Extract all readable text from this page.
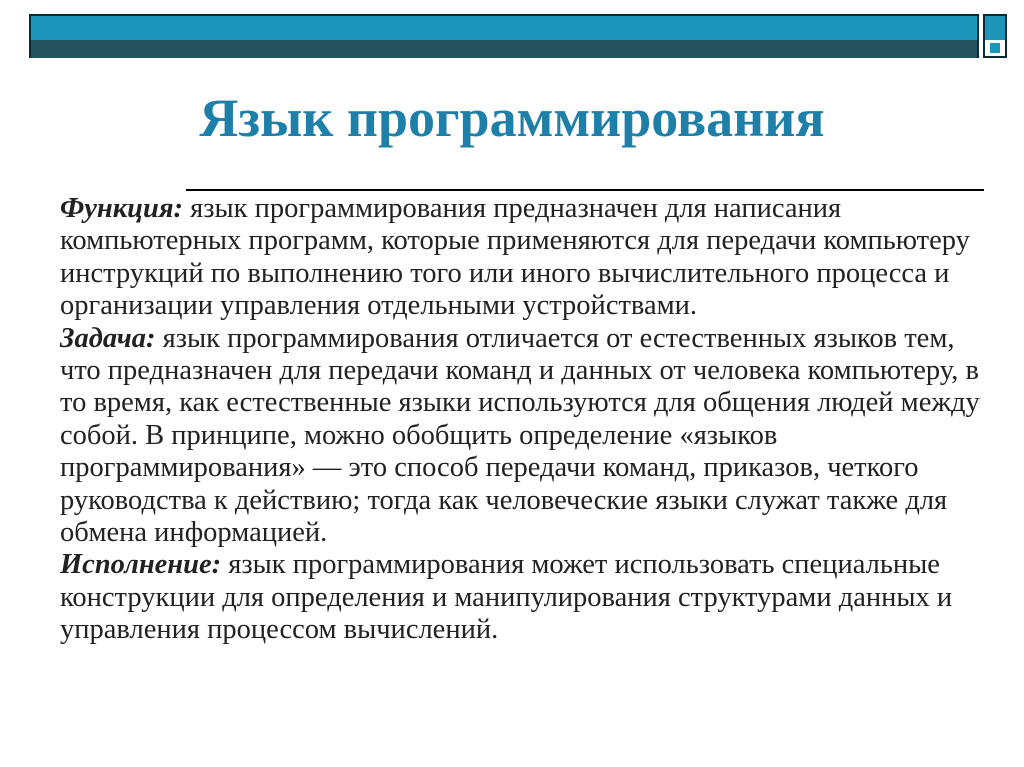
Язык программирования

Функция: язык программирования предназначен для написания компьютерных программ, которые применяются для передачи компьютеру инструкций по выполнению того или иного вычислительного процесса и организации управления отдельными устройствами.

Задача: язык программирования отличается от естественных языков тем, что предназначен для передачи команд и данных от человека компьютеру, в то время, как естественные языки используются для общения людей между собой. В принципе, можно обобщить определение «языков программирования» — это способ передачи команд, приказов, четкого руководства к действию; тогда как человеческие языки служат также для обмена информацией.

Исполнение: язык программирования может использовать специальные конструкции для определения и манипулирования структурами данных и управления процессом вычислений.
